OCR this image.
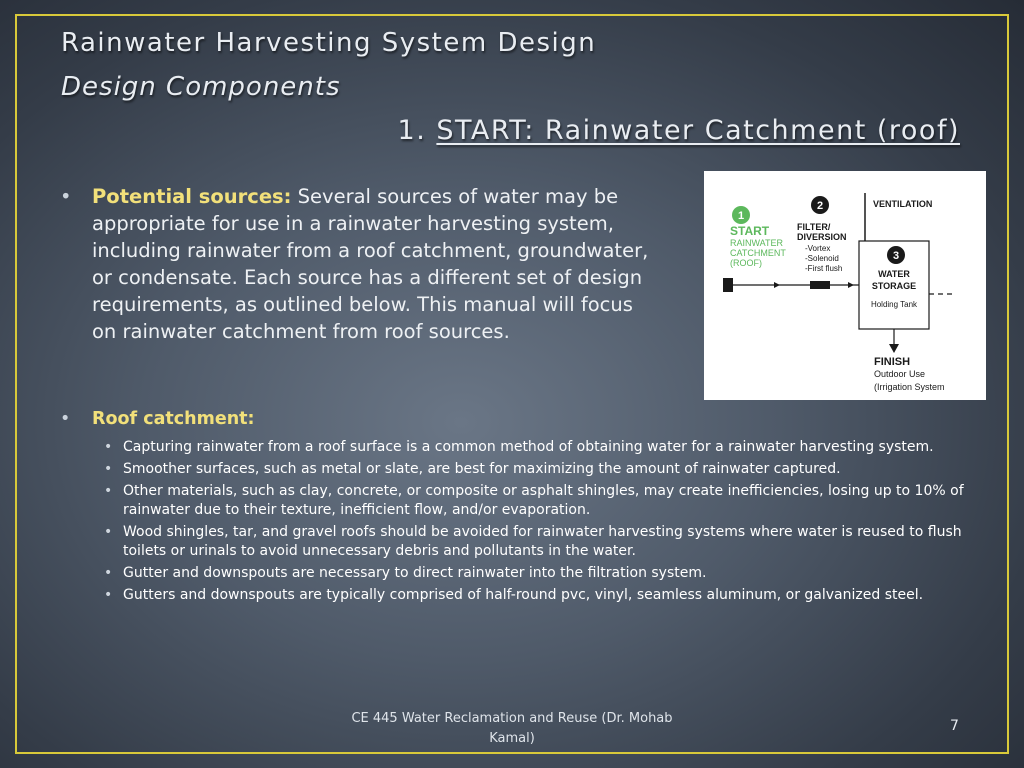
Rainwater Harvesting System Design
Design Components
1. START: Rainwater Catchment (roof)
•	Potential sources: Several sources of water may be appropriate for use in a rainwater harvesting system, including rainwater from a roof catchment, groundwater, or condensate. Each source has a different set of design requirements, as outlined below. This manual will focus on rainwater catchment from roof sources.
1
START
RAINWATER
CATCHMENT
(ROOF)
2
FILTER/
DIVERSION
-Vortex
-Solenoid
-First flush
VENTILATION
3
WATER
STORAGE
Holding Tank
FINISH
Outdoor Use
(Irrigation System
•	Roof catchment:
• Capturing rainwater from a roof surface is a common method of obtaining water for a rainwater harvesting system.
• Smoother surfaces, such as metal or slate, are best for maximizing the amount of rainwater captured.
• Other materials, such as clay, concrete, or composite or asphalt shingles, may create inefficiencies, losing up to 10% of rainwater due to their texture, inefficient flow, and/or evaporation.
• Wood shingles, tar, and gravel roofs should be avoided for rainwater harvesting systems where water is reused to flush toilets or urinals to avoid unnecessary debris and pollutants in the water.
• Gutter and downspouts are necessary to direct rainwater into the filtration system.
• Gutters and downspouts are typically comprised of half-round pvc, vinyl, seamless aluminum, or galvanized steel.
CE 445 Water Reclamation and Reuse (Dr. Mohab
Kamal)
7
